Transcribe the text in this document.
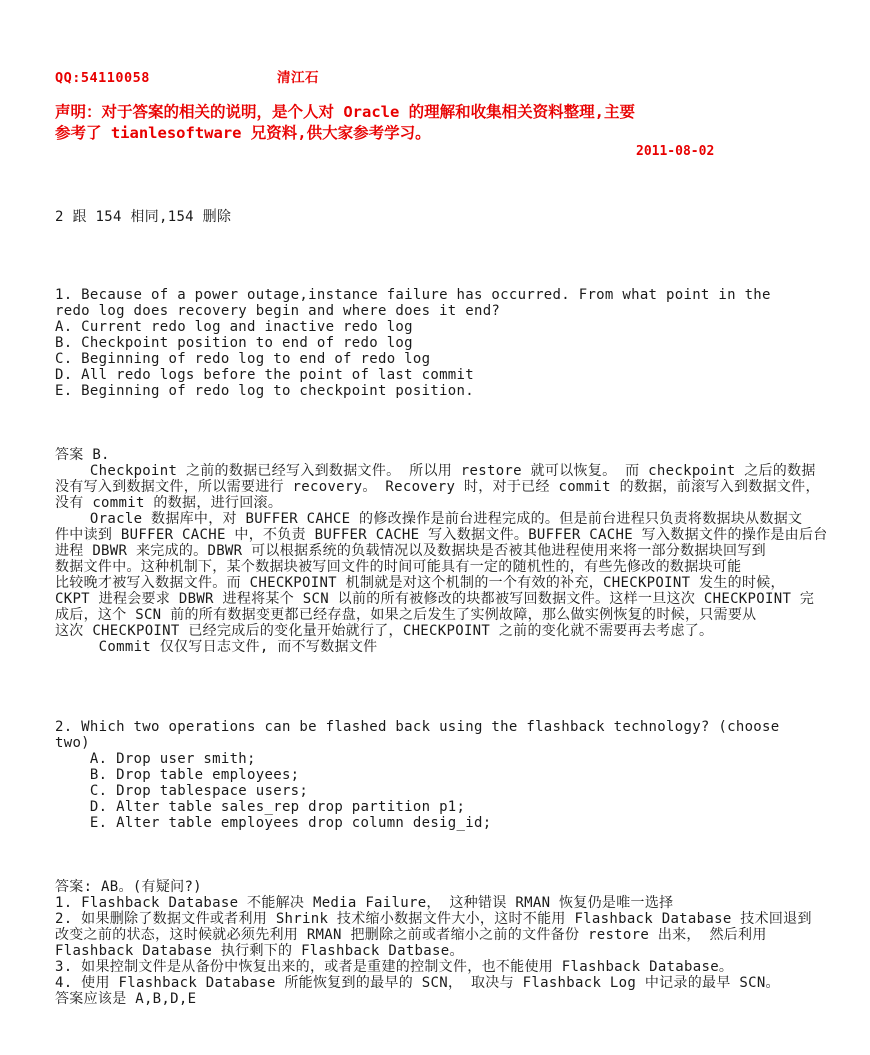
QQ:54110058	清江石
声明：对于答案的相关的说明，是个人对 Oracle 的理解和收集相关资料整理,主要
参考了 tianlesoftware 兄资料,供大家参考学习。
2011-08-02

2 跟 154 相同,154 删除

1. Because of a power outage,instance failure has occurred. From what point in the
redo log does recovery begin and where does it end?
A. Current redo log and inactive redo log
B. Checkpoint position to end of redo log
C. Beginning of redo log to end of redo log
D. All redo logs before the point of last commit
E. Beginning of redo log to checkpoint position.

答案 B.
Checkpoint 之前的数据已经写入到数据文件。 所以用 restore 就可以恢复。 而 checkpoint 之后的数据
没有写入到数据文件，所以需要进行 recovery。 Recovery 时，对于已经 commit 的数据，前滚写入到数据文件，
没有 commit 的数据，进行回滚。
Oracle 数据库中，对 BUFFER CAHCE 的修改操作是前台进程完成的。但是前台进程只负责将数据块从数据文
件中读到 BUFFER CACHE 中，不负责 BUFFER CACHE 写入数据文件。BUFFER CACHE 写入数据文件的操作是由后台
进程 DBWR 来完成的。DBWR 可以根据系统的负载情况以及数据块是否被其他进程使用来将一部分数据块回写到
数据文件中。这种机制下，某个数据块被写回文件的时间可能具有一定的随机性的，有些先修改的数据块可能
比较晚才被写入数据文件。而 CHECKPOINT 机制就是对这个机制的一个有效的补充，CHECKPOINT 发生的时候，
CKPT 进程会要求 DBWR 进程将某个 SCN 以前的所有被修改的块都被写回数据文件。这样一旦这次 CHECKPOINT 完
成后，这个 SCN 前的所有数据变更都已经存盘，如果之后发生了实例故障，那么做实例恢复的时候，只需要从
这次 CHECKPOINT 已经完成后的变化量开始就行了，CHECKPOINT 之前的变化就不需要再去考虑了。
Commit 仅仅写日志文件, 而不写数据文件

2. Which two operations can be flashed back using the flashback technology? (choose
two)
A. Drop user smith;
B. Drop table employees;
C. Drop tablespace users;
D. Alter table sales_rep drop partition p1;
E. Alter table employees drop column desig_id;

答案: AB。(有疑问?)
1. Flashback Database 不能解决 Media Failure， 这种错误 RMAN 恢复仍是唯一选择
2. 如果删除了数据文件或者利用 Shrink 技术缩小数据文件大小，这时不能用 Flashback Database 技术回退到
改变之前的状态，这时候就必须先利用 RMAN 把删除之前或者缩小之前的文件备份 restore 出来， 然后利用
Flashback Database 执行剩下的 Flashback Datbase。
3. 如果控制文件是从备份中恢复出来的，或者是重建的控制文件，也不能使用 Flashback Database。
4. 使用 Flashback Database 所能恢复到的最早的 SCN， 取决与 Flashback Log 中记录的最早 SCN。
答案应该是 A,B,D,E
